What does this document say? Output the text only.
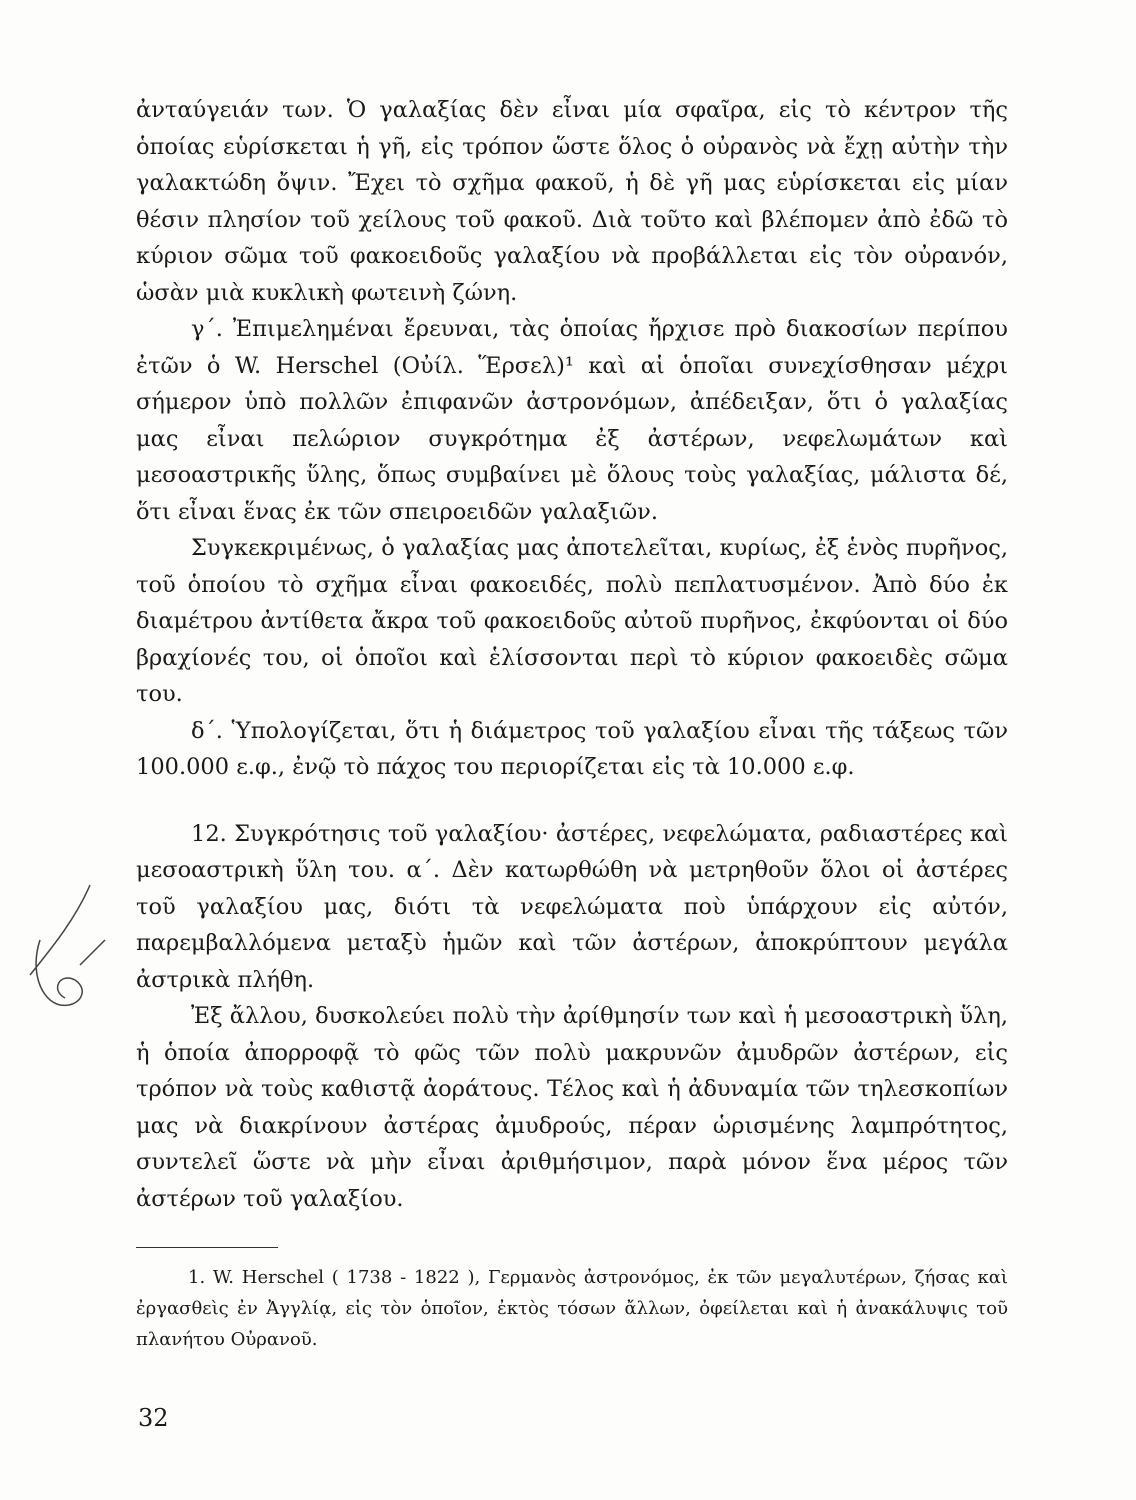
ἀνταύγειάν των. Ὁ γαλαξίας δὲν εἶναι μία σφαῖρα, εἰς τὸ κέντρον τῆς ὁποίας εὑρίσκεται ἡ γῆ, εἰς τρόπον ὥστε ὅλος ὁ οὐρανὸς νὰ ἔχῃ αὐτὴν τὴν γαλακτώδη ὄψιν. Ἔχει τὸ σχῆμα φακοῦ, ἡ δὲ γῆ μας εὑρίσκεται εἰς μίαν θέσιν πλησίον τοῦ χείλους τοῦ φακοῦ. Διὰ τοῦτο καὶ βλέπομεν ἀπὸ ἐδῶ τὸ κύριον σῶμα τοῦ φακοειδοῦς γαλαξίου νὰ προβάλλεται εἰς τὸν οὐρανόν, ὡσὰν μιὰ κυκλικὴ φωτεινὴ ζώνη.

γ΄. Ἐπιμελημέναι ἔρευναι, τὰς ὁποίας ἤρχισε πρὸ διακοσίων περίπου ἐτῶν ὁ W. Herschel (Οὐίλ. Ἕρσελ)¹ καὶ αἱ ὁποῖαι συνεχίσθησαν μέχρι σήμερον ὑπὸ πολλῶν ἐπιφανῶν ἀστρονόμων, ἀπέδειξαν, ὅτι ὁ γαλαξίας μας εἶναι πελώριον συγκρότημα ἐξ ἀστέρων, νεφελωμάτων καὶ μεσοαστρικῆς ὕλης, ὅπως συμβαίνει μὲ ὅλους τοὺς γαλαξίας, μάλιστα δέ, ὅτι εἶναι ἕνας ἐκ τῶν σπειροειδῶν γαλαξιῶν.

Συγκεκριμένως, ὁ γαλαξίας μας ἀποτελεῖται, κυρίως, ἐξ ἑνὸς πυρῆνος, τοῦ ὁποίου τὸ σχῆμα εἶναι φακοειδές, πολὺ πεπλατυσμένον. Ἀπὸ δύο ἐκ διαμέτρου ἀντίθετα ἄκρα τοῦ φακοειδοῦς αὐτοῦ πυρῆνος, ἐκφύονται οἱ δύο βραχίονές του, οἱ ὁποῖοι καὶ ἑλίσσονται περὶ τὸ κύριον φακοειδὲς σῶμα του.

δ΄. Ὑπολογίζεται, ὅτι ἡ διάμετρος τοῦ γαλαξίου εἶναι τῆς τάξεως τῶν 100.000 ε.φ., ἐνῷ τὸ πάχος του περιορίζεται εἰς τὰ 10.000 ε.φ.

12. Συγκρότησις τοῦ γαλαξίου· ἀστέρες, νεφελώματα, ραδιαστέρες καὶ μεσοαστρικὴ ὕλη του. α΄. Δὲν κατωρθώθη νὰ μετρηθοῦν ὅλοι οἱ ἀστέρες τοῦ γαλαξίου μας, διότι τὰ νεφελώματα ποὺ ὑπάρχουν εἰς αὐτόν, παρεμβαλλόμενα μεταξὺ ἡμῶν καὶ τῶν ἀστέρων, ἀποκρύπτουν μεγάλα ἀστρικὰ πλήθη.

Ἐξ ἄλλου, δυσκολεύει πολὺ τὴν ἀρίθμησίν των καὶ ἡ μεσοαστρικὴ ὕλη, ἡ ὁποία ἀπορροφᾷ τὸ φῶς τῶν πολὺ μακρυνῶν ἀμυδρῶν ἀστέρων, εἰς τρόπον νὰ τοὺς καθιστᾷ ἀοράτους. Τέλος καὶ ἡ ἀδυναμία τῶν τηλεσκοπίων μας νὰ διακρίνουν ἀστέρας ἀμυδρούς, πέραν ὡρισμένης λαμπρότητος, συντελεῖ ὥστε νὰ μὴν εἶναι ἀριθμήσιμον, παρὰ μόνον ἕνα μέρος τῶν ἀστέρων τοῦ γαλαξίου.

1. W. Herschel ( 1738 - 1822 ), Γερμανὸς ἀστρονόμος, ἐκ τῶν μεγαλυτέρων, ζήσας καὶ ἐργασθεὶς ἐν Ἀγγλίᾳ, εἰς τὸν ὁποῖον, ἐκτὸς τόσων ἄλλων, ὀφείλεται καὶ ἡ ἀνακάλυψις τοῦ πλανήτου Οὐρανοῦ.

32
